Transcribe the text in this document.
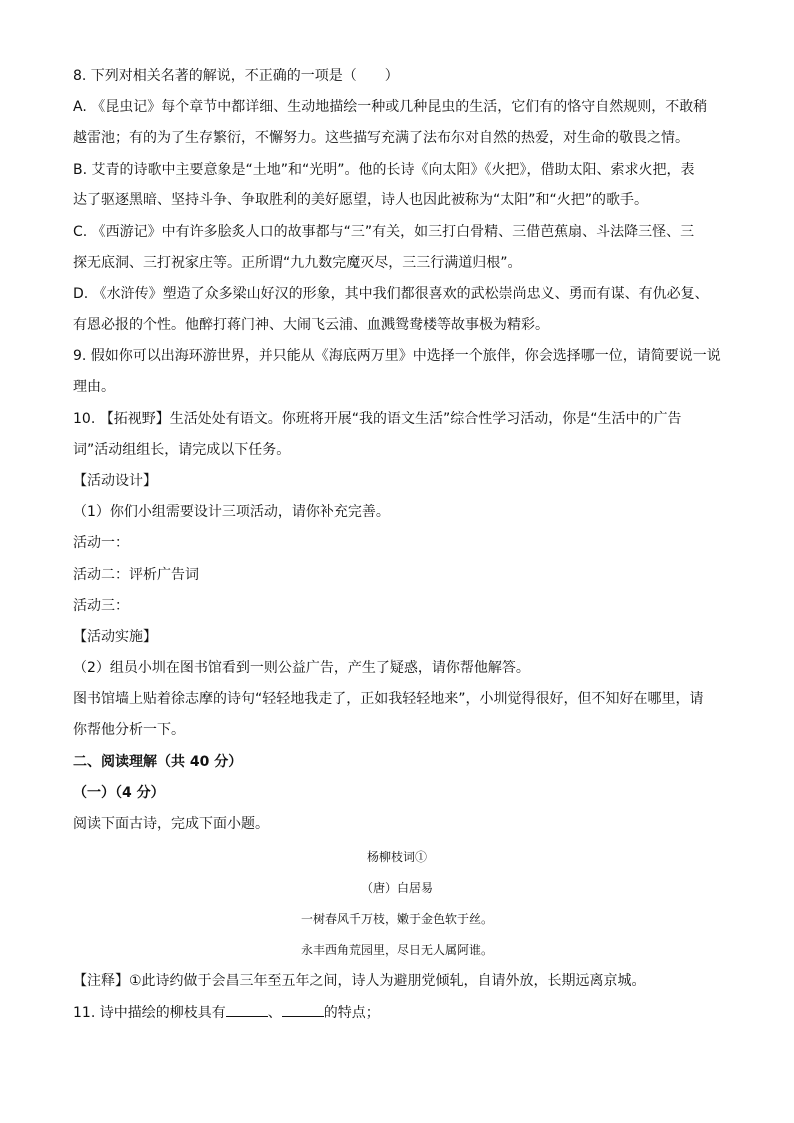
8. 下列对相关名著的解说，不正确的一项是（　　）
A. 《昆虫记》每个章节中都详细、生动地描绘一种或几种昆虫的生活，它们有的恪守自然规则，不敢稍
越雷池；有的为了生存繁衍，不懈努力。这些描写充满了法布尔对自然的热爱，对生命的敬畏之情。
B. 艾青的诗歌中主要意象是“土地”和“光明”。他的长诗《向太阳》《火把》，借助太阳、索求火把，表
达了驱逐黑暗、坚持斗争、争取胜利的美好愿望，诗人也因此被称为“太阳”和“火把”的歌手。
C. 《西游记》中有许多脍炙人口的故事都与“三”有关，如三打白骨精、三借芭蕉扇、斗法降三怪、三
探无底洞、三打祝家庄等。正所谓“九九数完魔灭尽，三三行满道归根”。
D. 《水浒传》塑造了众多梁山好汉的形象，其中我们都很喜欢的武松崇尚忠义、勇而有谋、有仇必复、
有恩必报的个性。他醉打蒋门神、大闹飞云浦、血溅鸳鸯楼等故事极为精彩。
9. 假如你可以出海环游世界，并只能从《海底两万里》中选择一个旅伴，你会选择哪一位，请简要说一说
理由。
10. 【拓视野】生活处处有语文。你班将开展“我的语文生活”综合性学习活动，你是“生活中的广告
词”活动组组长，请完成以下任务。
【活动设计】
（1）你们小组需要设计三项活动，请你补充完善。
活动一：
活动二：评析广告词
活动三：
【活动实施】
（2）组员小圳在图书馆看到一则公益广告，产生了疑惑，请你帮他解答。
图书馆墙上贴着徐志摩的诗句“轻轻地我走了，正如我轻轻地来”，小圳觉得很好，但不知好在哪里，请
你帮他分析一下。
二、阅读理解（共 40 分）
（一）（4 分）
阅读下面古诗，完成下面小题。
杨柳枝词①
（唐）白居易
一树春风千万枝，嫩于金色软于丝。
永丰西角荒园里，尽日无人属阿谁。
【注释】①此诗约做于会昌三年至五年之间，诗人为避朋党倾轧，自请外放，长期远离京城。
11. 诗中描绘的柳枝具有	、	的特点；
